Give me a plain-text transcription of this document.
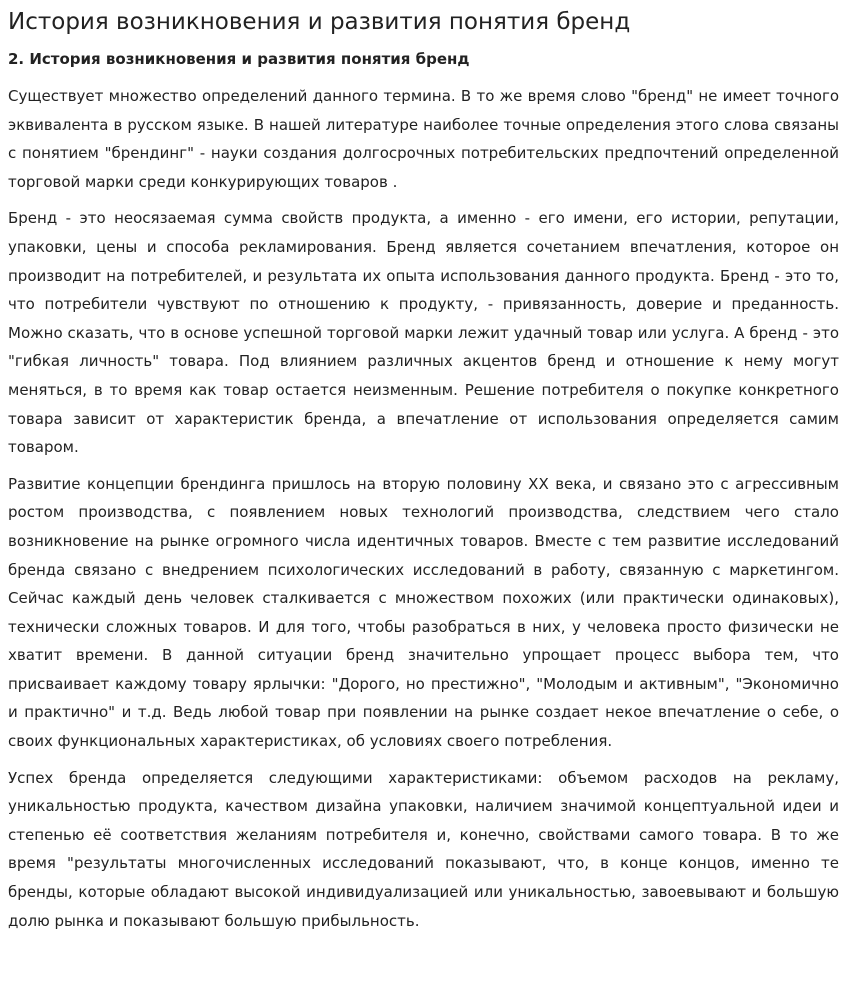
История возникновения и развития понятия бренд
2. История возникновения и развития понятия бренд

Существует множество определений данного термина. В то же время слово "бренд" не имеет точного эквивалента в русском языке. В нашей литературе наиболее точные определения этого слова связаны с понятием "брендинг" - науки создания долгосрочных потребительских предпочтений определенной торговой марки среди конкурирующих товаров .

Бренд - это неосязаемая сумма свойств продукта, а именно - его имени, его истории, репутации, упаковки, цены и способа рекламирования. Бренд является сочетанием впечатления, которое он производит на потребителей, и результата их опыта использования данного продукта. Бренд - это то, что потребители чувствуют по отношению к продукту, - привязанность, доверие и преданность. Можно сказать, что в основе успешной торговой марки лежит удачный товар или услуга. А бренд - это "гибкая личность" товара. Под влиянием различных акцентов бренд и отношение к нему могут меняться, в то время как товар остается неизменным. Решение потребителя о покупке конкретного товара зависит от характеристик бренда, а впечатление от использования определяется самим товаром.

Развитие концепции брендинга пришлось на вторую половину XX века, и связано это с агрессивным ростом производства, с появлением новых технологий производства, следствием чего стало возникновение на рынке огромного числа идентичных товаров. Вместе с тем развитие исследований бренда связано с внедрением психологических исследований в работу, связанную с маркетингом. Сейчас каждый день человек сталкивается с множеством похожих (или практически одинаковых), технически сложных товаров. И для того, чтобы разобраться в них, у человека просто физически не хватит времени. В данной ситуации бренд значительно упрощает процесс выбора тем, что присваивает каждому товару ярлычки: "Дорого, но престижно", "Молодым и активным", "Экономично и практично" и т.д. Ведь любой товар при появлении на рынке создает некое впечатление о себе, о своих функциональных характеристиках, об условиях своего потребления.

Успех бренда определяется следующими характеристиками: объемом расходов на рекламу, уникальностью продукта, качеством дизайна упаковки, наличием значимой концептуальной идеи и степенью её соответствия желаниям потребителя и, конечно, свойствами самого товара. В то же время "результаты многочисленных исследований показывают, что, в конце концов, именно те бренды, которые обладают высокой индивидуализацией или уникальностью, завоевывают и большую долю рынка и показывают большую прибыльность.
